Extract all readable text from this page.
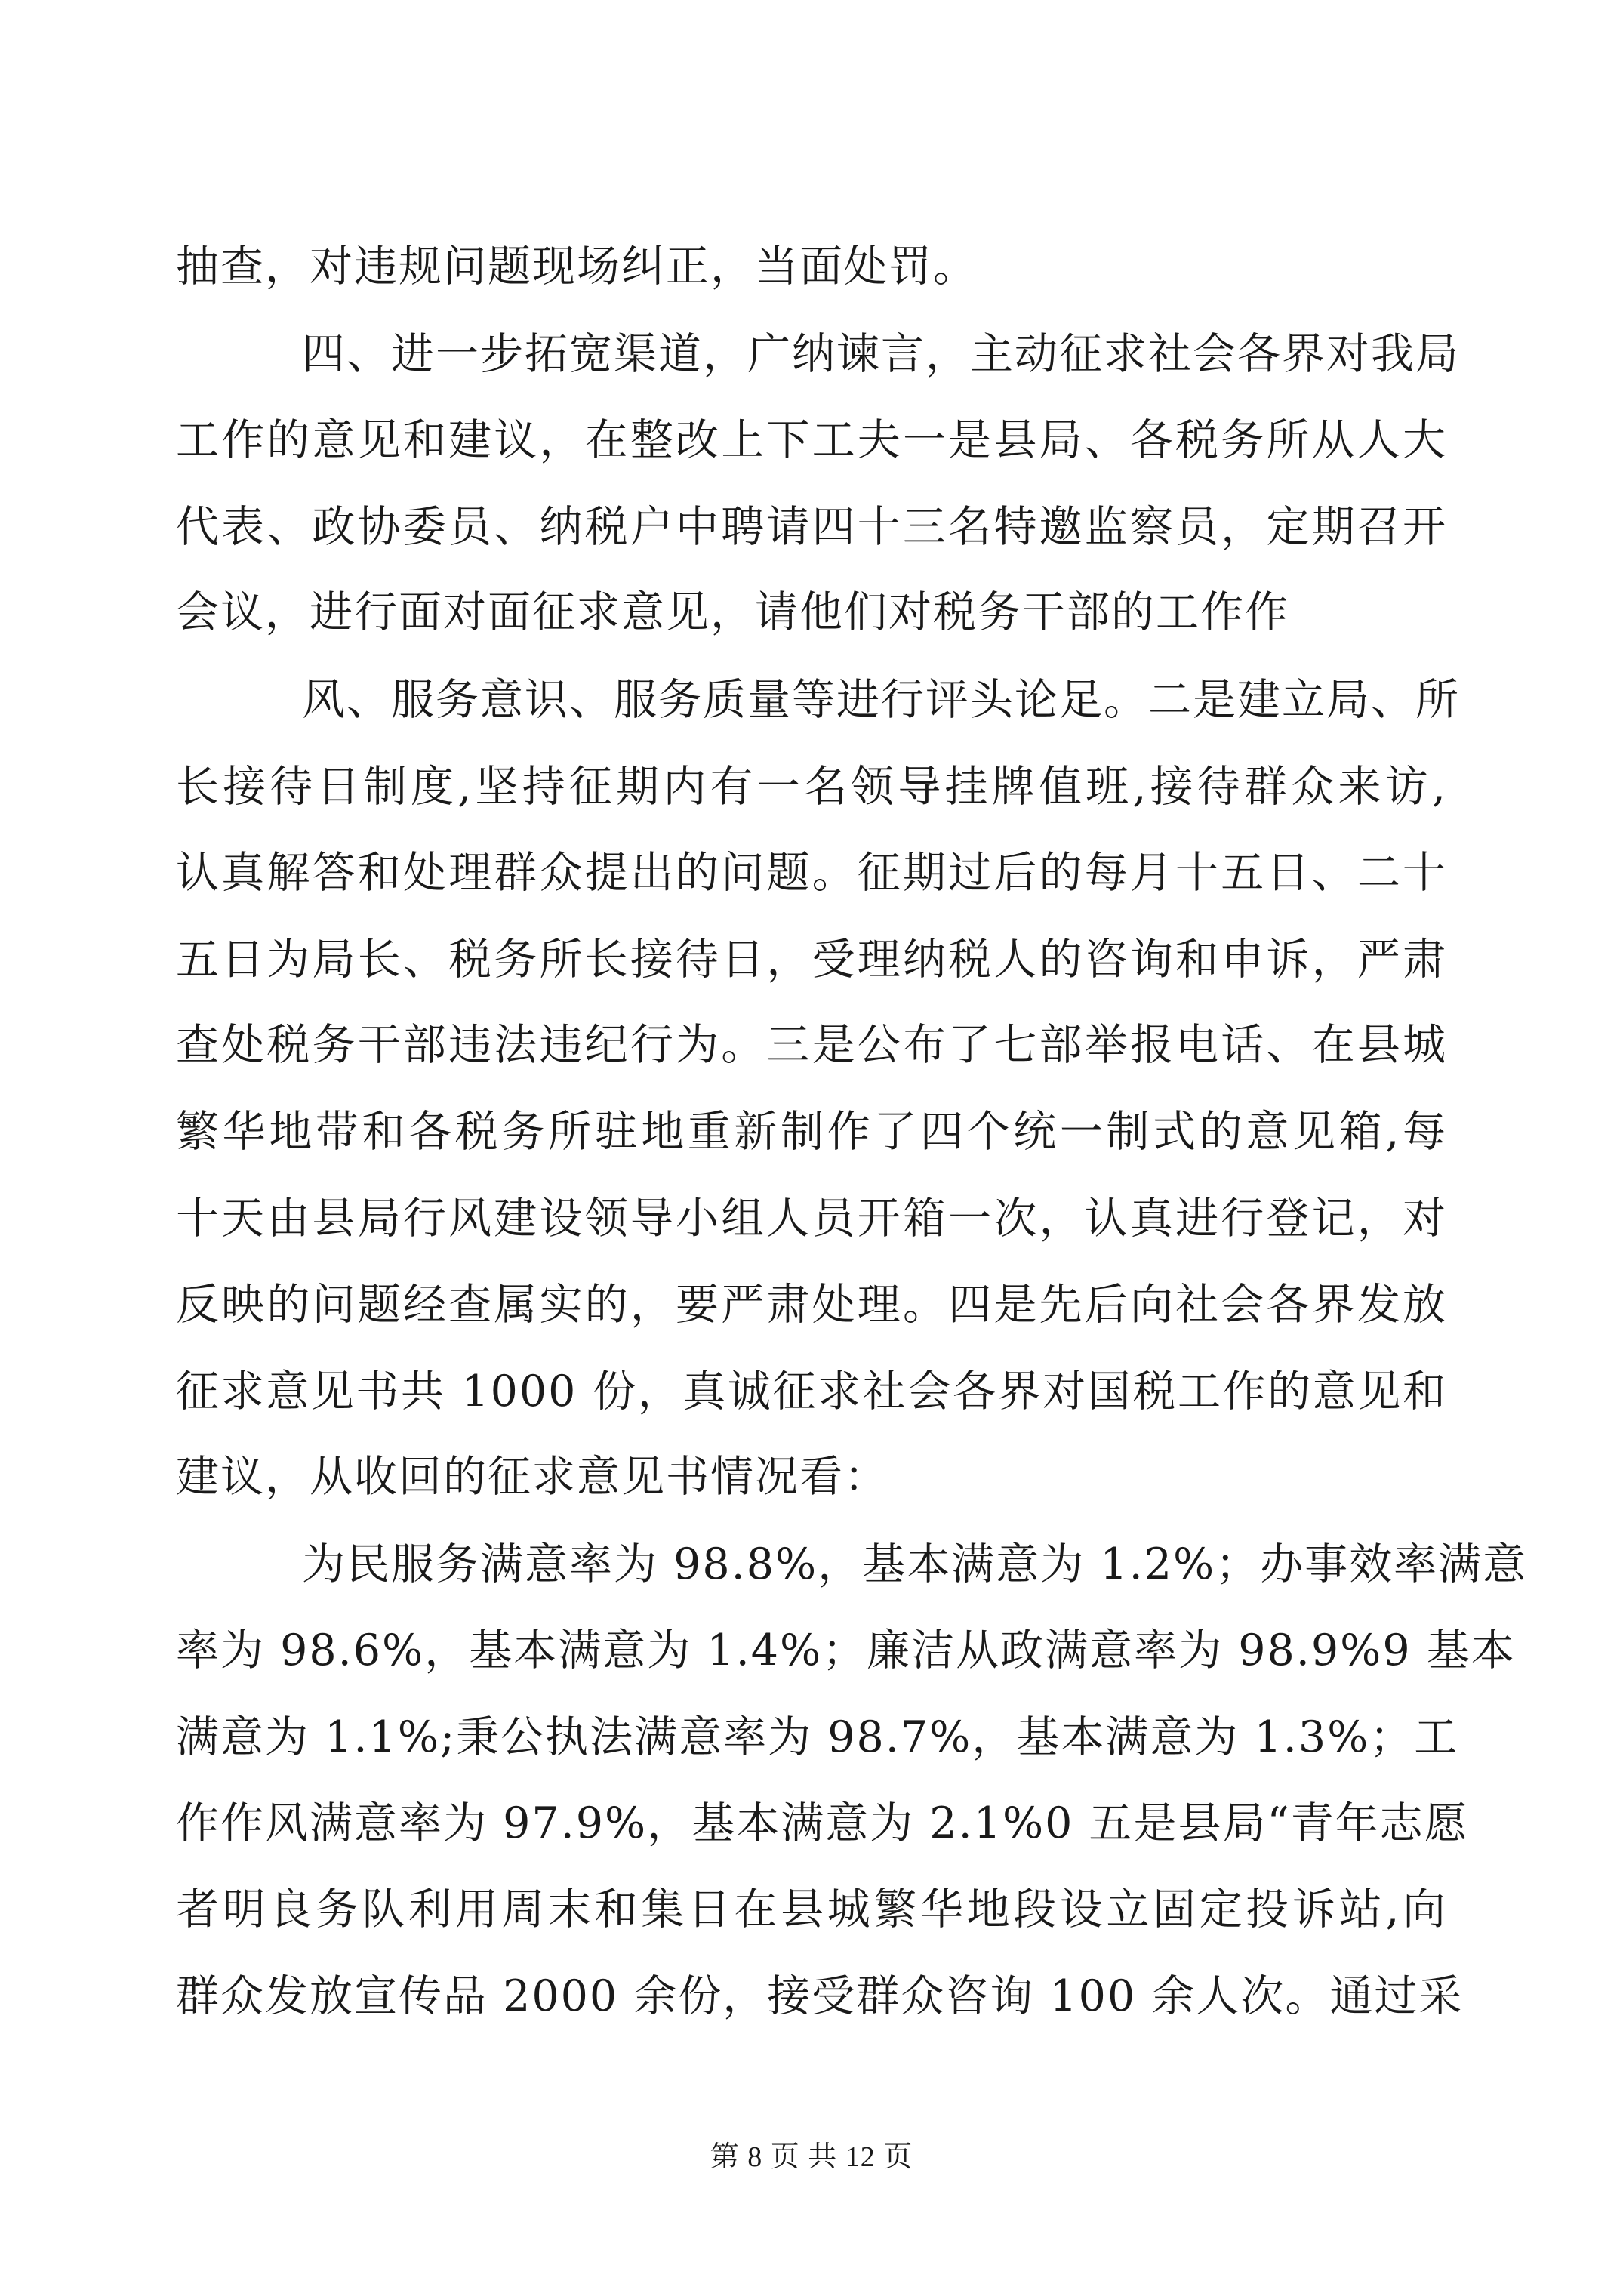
抽查，对违规问题现场纠正，当面处罚。

四、进一步拓宽渠道，广纳谏言，主动征求社会各界对我局

工作的意见和建议，在整改上下工夫一是县局、各税务所从人大

代表、政协委员、纳税户中聘请四十三名特邀监察员，定期召开

会议，进行面对面征求意见，请他们对税务干部的工作作

风、服务意识、服务质量等进行评头论足。二是建立局、所

长接待日制度,坚持征期内有一名领导挂牌值班,接待群众来访,

认真解答和处理群众提出的问题。征期过后的每月十五日、二十

五日为局长、税务所长接待日，受理纳税人的咨询和申诉，严肃

查处税务干部违法违纪行为。三是公布了七部举报电话、在县城

繁华地带和各税务所驻地重新制作了四个统一制式的意见箱,每

十天由县局行风建设领导小组人员开箱一次，认真进行登记，对

反映的问题经查属实的，要严肃处理。四是先后向社会各界发放

征求意见书共 1000 份，真诚征求社会各界对国税工作的意见和

建议，从收回的征求意见书情况看：

为民服务满意率为 98.8%，基本满意为 1.2%；办事效率满意

率为 98.6%，基本满意为 1.4%；廉洁从政满意率为 98.9%9 基本

满意为 1.1%;秉公执法满意率为 98.7%，基本满意为 1.3%；工

作作风满意率为 97.9%，基本满意为 2.1%0 五是县局“青年志愿

者明良务队利用周末和集日在县城繁华地段设立固定投诉站,向

群众发放宣传品 2000 余份，接受群众咨询 100 余人次。通过采

第 8 页 共 12 页
